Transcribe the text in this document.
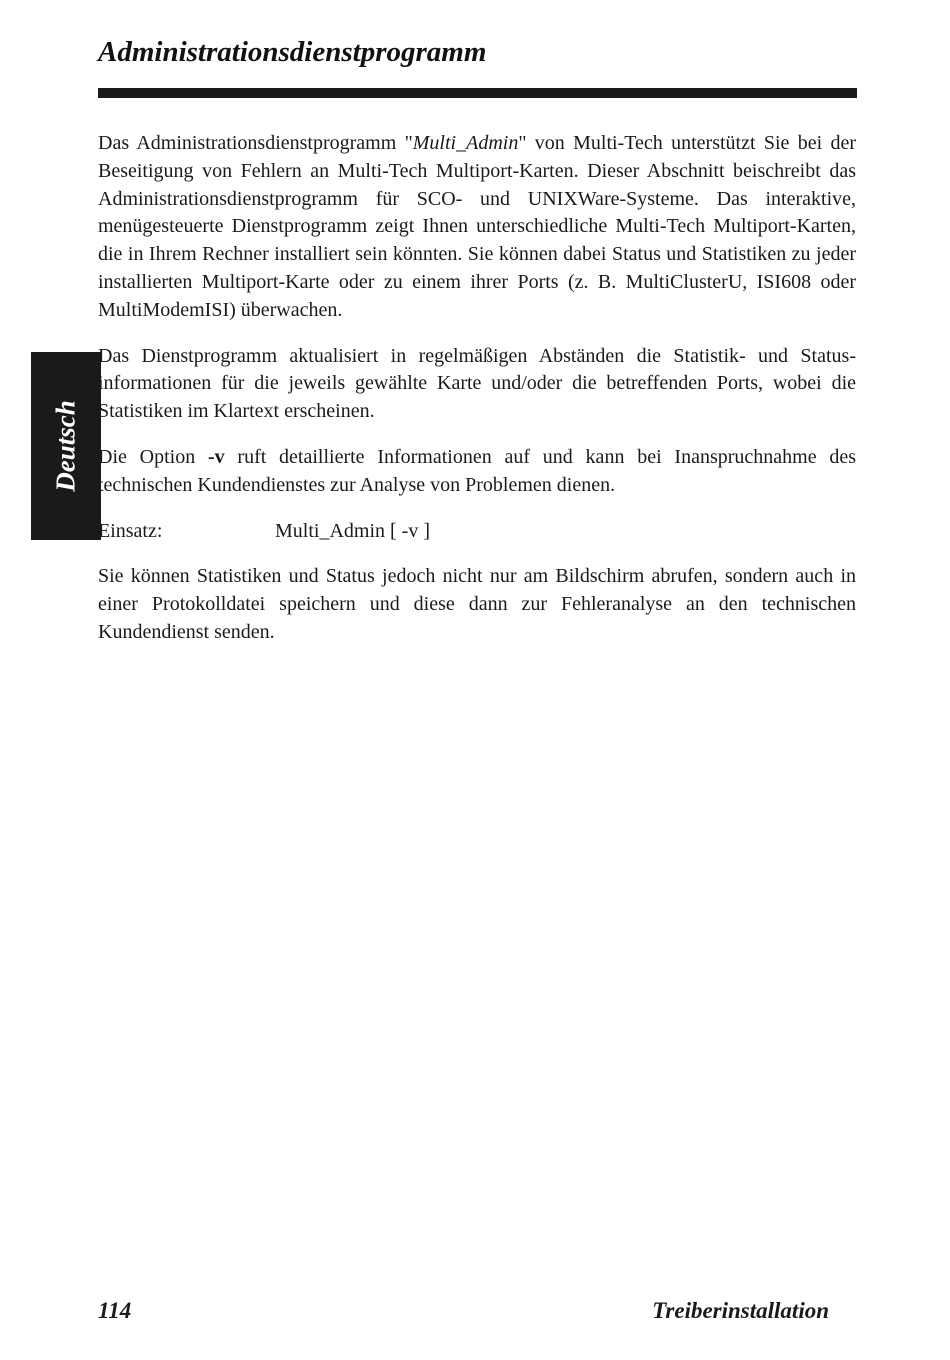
Administrationsdienstprogramm
Deutsch

Das Administrationsdienstprogramm "Multi_Admin" von Multi-Tech unterstützt Sie bei der Beseitigung von Fehlern an Multi-Tech Multiport-Karten. Dieser Abschnitt beischreibt das Administrationsdienstprogramm für SCO- und UNIXWare-Systeme. Das interaktive, menügesteuerte Dienstprogramm zeigt Ihnen unterschiedliche Multi-Tech Multiport-Karten, die in Ihrem Rechner installiert sein könnten. Sie können dabei Status und Statistiken zu jeder installierten Multiport-Karte oder zu einem ihrer Ports (z. B. MultiClusterU, ISI608 oder MultiModemISI) überwachen.

Das Dienstprogramm aktualisiert in regelmäßigen Abständen die Statistik- und Status-informationen für die jeweils gewählte Karte und/oder die betreffenden Ports, wobei die Statistiken im Klartext erscheinen.

Die Option -v ruft detaillierte Informationen auf und kann bei Inanspruchnahme des technischen Kundendienstes zur Analyse von Problemen dienen.

Einsatz:	Multi_Admin [ -v ]

Sie können Statistiken und Status jedoch nicht nur am Bildschirm abrufen, sondern auch in einer Protokolldatei speichern und diese dann zur Fehleranalyse an den technischen Kundendienst senden.

114	Treiberinstallation
